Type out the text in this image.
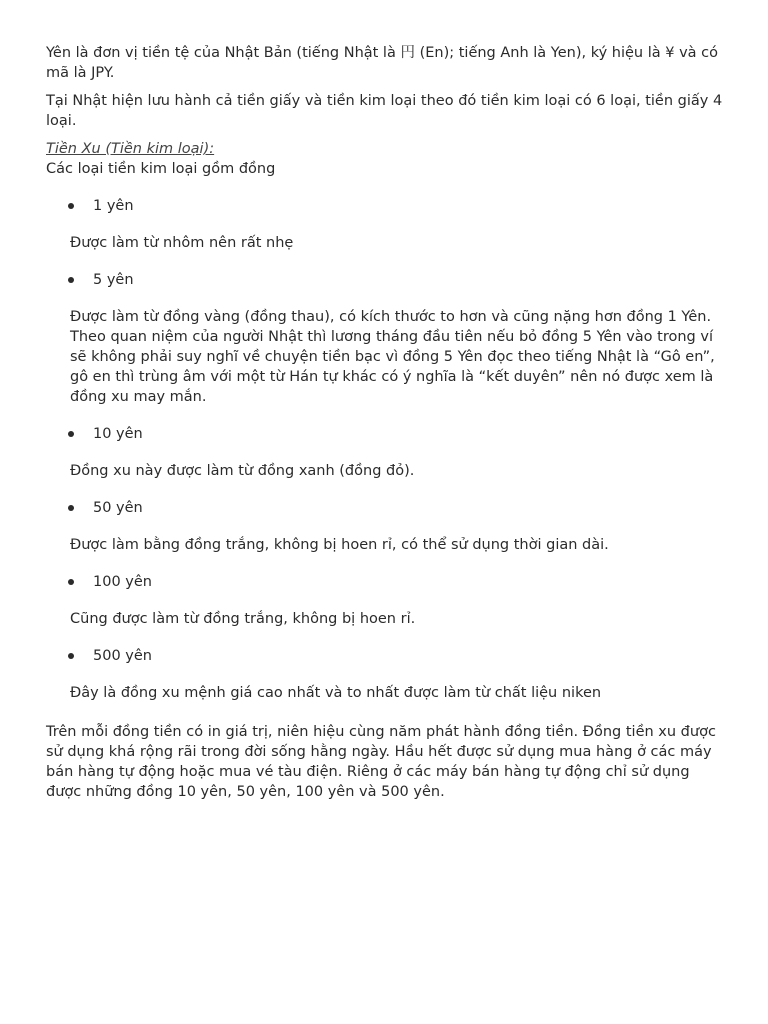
Yên là đơn vị tiền tệ của Nhật Bản (tiếng Nhật là 円 (En); tiếng Anh là Yen), ký hiệu là ¥ và có mã là JPY.

Tại Nhật hiện lưu hành cả tiền giấy và tiền kim loại theo đó tiền kim loại có 6 loại, tiền giấy 4 loại.

Tiền Xu (Tiền kim loại):

Các loại tiền kim loại gồm đồng

1 yên

Được làm từ nhôm nên rất nhẹ

5 yên

Được làm từ đồng vàng (đồng thau), có kích thước to hơn và cũng nặng hơn đồng 1 Yên. Theo quan niệm của người Nhật thì lương tháng đầu tiên nếu bỏ đồng 5 Yên vào trong ví sẽ không phải suy nghĩ về chuyện tiền bạc vì đồng 5 Yên đọc theo tiếng Nhật là “Gô en”, gô en thì trùng âm với một từ Hán tự khác có ý nghĩa là “kết duyên” nên nó được xem là đồng xu may mắn.

10 yên

Đồng xu này được làm từ đồng xanh (đồng đỏ).

50 yên

Được làm bằng đồng trắng, không bị hoen rỉ, có thể sử dụng thời gian dài.

100 yên

Cũng được làm từ đồng trắng, không bị hoen rỉ.

500 yên

Đây là đồng xu mệnh giá cao nhất và to nhất được làm từ chất liệu niken

Trên mỗi đồng tiền có in giá trị, niên hiệu cùng năm phát hành đồng tiền. Đồng tiền xu được sử dụng khá rộng rãi trong đời sống hằng ngày. Hầu hết được sử dụng mua hàng ở các máy bán hàng tự động hoặc mua vé tàu điện. Riêng ở các máy bán hàng tự động chỉ sử dụng được những đồng 10 yên, 50 yên, 100 yên và 500 yên.
